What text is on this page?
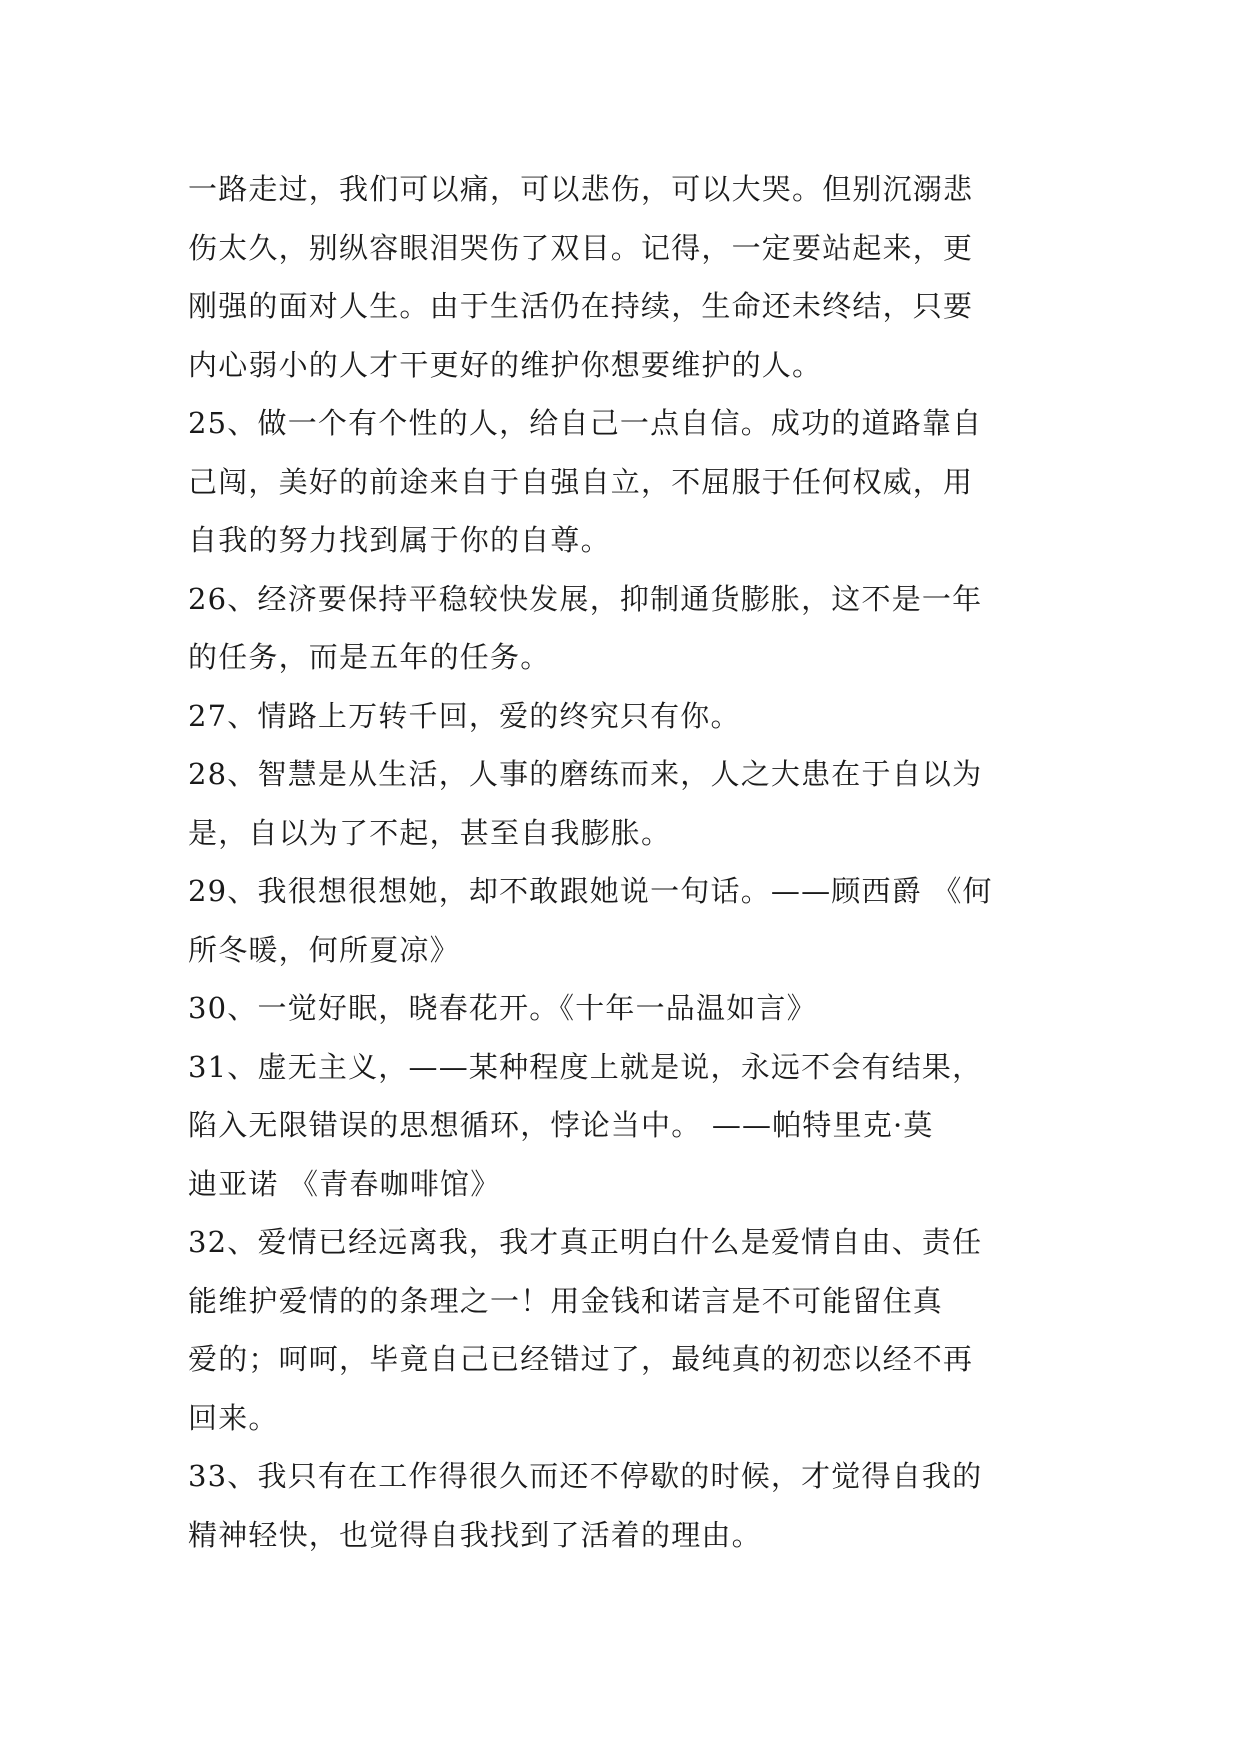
一路走过，我们可以痛，可以悲伤，可以大哭。但别沉溺悲
伤太久，别纵容眼泪哭伤了双目。记得，一定要站起来，更
刚强的面对人生。由于生活仍在持续，生命还未终结，只要
内心弱小的人才干更好的维护你想要维护的人。
25、做一个有个性的人，给自己一点自信。成功的道路靠自
己闯，美好的前途来自于自强自立，不屈服于任何权威，用
自我的努力找到属于你的自尊。
26、经济要保持平稳较快发展，抑制通货膨胀，这不是一年
的任务，而是五年的任务。
27、情路上万转千回，爱的终究只有你。
28、智慧是从生活，人事的磨练而来，人之大患在于自以为
是，自以为了不起，甚至自我膨胀。
29、我很想很想她，却不敢跟她说一句话。——顾西爵 《何
所冬暖，何所夏凉》
30、一觉好眠，晓春花开。《十年一品温如言》
31、虚无主义，——某种程度上就是说，永远不会有结果，
陷入无限错误的思想循环，悖论当中。 ——帕特里克·莫
迪亚诺 《青春咖啡馆》
32、爱情已经远离我，我才真正明白什么是爱情自由、责任
能维护爱情的的条理之一！用金钱和诺言是不可能留住真
爱的；呵呵，毕竟自己已经错过了，最纯真的初恋以经不再
回来。
33、我只有在工作得很久而还不停歇的时候，才觉得自我的
精神轻快，也觉得自我找到了活着的理由。
